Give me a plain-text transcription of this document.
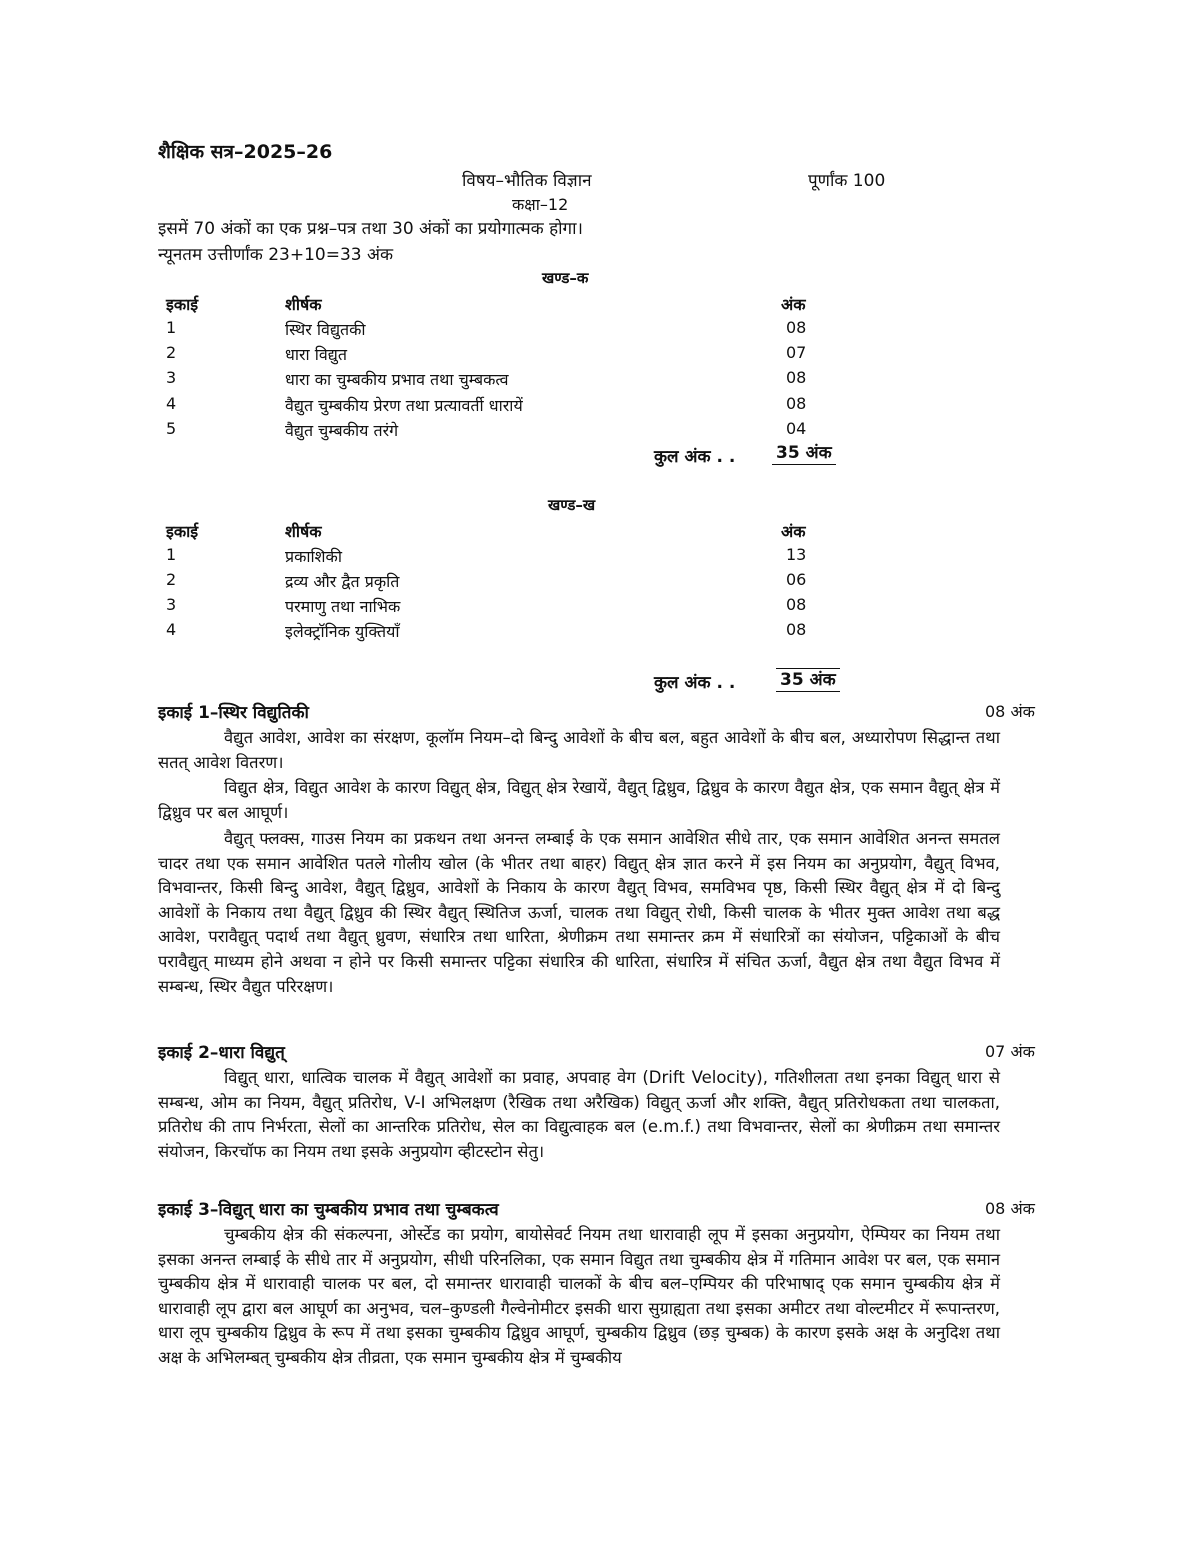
शैक्षिक सत्र–2025–26
विषय–भौतिक विज्ञान	पूर्णांक 100
कक्षा–12
इसमें 70 अंकों का एक प्रश्न–पत्र तथा 30 अंकों का प्रयोगात्मक होगा।
न्यूनतम उत्तीर्णांक 23+10=33 अंक
खण्ड–क
इकाई	शीर्षक	अंक
1	स्थिर विद्युतकी	08
2	धारा विद्युत	07
3	धारा का चुम्बकीय प्रभाव तथा चुम्बकत्व	08
4	वैद्युत चुम्बकीय प्रेरण तथा प्रत्यावर्ती धारायें	08
5	वैद्युत चुम्बकीय तरंगे	04
कुल अंक . . 35 अंक
खण्ड–ख
इकाई	शीर्षक	अंक
1	प्रकाशिकी	13
2	द्रव्य और द्वैत प्रकृति	06
3	परमाणु तथा नाभिक	08
4	इलेक्ट्रॉनिक युक्तियाँ	08
कुल अंक . .	35 अंक
इकाई 1–स्थिर विद्युतिकी	08 अंक

वैद्युत आवेश, आवेश का संरक्षण, कूलॉम नियम–दो बिन्दु आवेशों के बीच बल, बहुत आवेशों के बीच बल, अध्यारोपण सिद्धान्त तथा सतत् आवेश वितरण।

विद्युत क्षेत्र, विद्युत आवेश के कारण विद्युत् क्षेत्र, विद्युत् क्षेत्र रेखायें, वैद्युत् द्विध्रुव, द्विध्रुव के कारण वैद्युत क्षेत्र, एक समान वैद्युत् क्षेत्र में द्विध्रुव पर बल आघूर्ण।

वैद्युत् फ्लक्स, गाउस नियम का प्रकथन तथा अनन्त लम्बाई के एक समान आवेशित सीधे तार, एक समान आवेशित अनन्त समतल चादर तथा एक समान आवेशित पतले गोलीय खोल (के भीतर तथा बाहर) विद्युत् क्षेत्र ज्ञात करने में इस नियम का अनुप्रयोग, वैद्युत् विभव, विभवान्तर, किसी बिन्दु आवेश, वैद्युत् द्विध्रुव, आवेशों के निकाय के कारण वैद्युत् विभव, समविभव पृष्ठ, किसी स्थिर वैद्युत् क्षेत्र में दो बिन्दु आवेशों के निकाय तथा वैद्युत् द्विध्रुव की स्थिर वैद्युत् स्थितिज ऊर्जा, चालक तथा विद्युत् रोधी, किसी चालक के भीतर मुक्त आवेश तथा बद्ध आवेश, परावैद्युत् पदार्थ तथा वैद्युत् ध्रुवण, संधारित्र तथा धारिता, श्रेणीक्रम तथा समान्तर क्रम में संधारित्रों का संयोजन, पट्टिकाओं के बीच परावैद्युत् माध्यम होने अथवा न होने पर किसी समान्तर पट्टिका संधारित्र की धारिता, संधारित्र में संचित ऊर्जा, वैद्युत क्षेत्र तथा वैद्युत विभव में सम्बन्ध, स्थिर वैद्युत परिरक्षण।

इकाई 2–धारा विद्युत्	07 अंक

विद्युत् धारा, धात्विक चालक में वैद्युत् आवेशों का प्रवाह, अपवाह वेग (Drift Velocity), गतिशीलता तथा इनका विद्युत् धारा से सम्बन्ध, ओम का नियम, वैद्युत् प्रतिरोध, V-I अभिलक्षण (रैखिक तथा अरैखिक) विद्युत् ऊर्जा और शक्ति, वैद्युत् प्रतिरोधकता तथा चालकता, प्रतिरोध की ताप निर्भरता, सेलों का आन्तरिक प्रतिरोध, सेल का विद्युत्वाहक बल (e.m.f.) तथा विभवान्तर, सेलों का श्रेणीक्रम तथा समान्तर संयोजन, किरचॉफ का नियम तथा इसके अनुप्रयोग व्हीटस्टोन सेतु।

इकाई 3–विद्युत् धारा का चुम्बकीय प्रभाव तथा चुम्बकत्व	08 अंक

चुम्बकीय क्षेत्र की संकल्पना, ओर्स्टेड का प्रयोग, बायोसेवर्ट नियम तथा धारावाही लूप में इसका अनुप्रयोग, ऐम्पियर का नियम तथा इसका अनन्त लम्बाई के सीधे तार में अनुप्रयोग, सीधी परिनलिका, एक समान विद्युत तथा चुम्बकीय क्षेत्र में गतिमान आवेश पर बल, एक समान चुम्बकीय क्षेत्र में धारावाही चालक पर बल, दो समान्तर धारावाही चालकों के बीच बल–एम्पियर की परिभाषाद् एक समान चुम्बकीय क्षेत्र में धारावाही लूप द्वारा बल आघूर्ण का अनुभव, चल–कुण्डली गैल्वेनोमीटर इसकी धारा सुग्राह्यता तथा इसका अमीटर तथा वोल्टमीटर में रूपान्तरण, धारा लूप चुम्बकीय द्विध्रुव के रूप में तथा इसका चुम्बकीय द्विध्रुव आघूर्ण, चुम्बकीय द्विध्रुव (छड़ चुम्बक) के कारण इसके अक्ष के अनुदिश तथा अक्ष के अभिलम्बत् चुम्बकीय क्षेत्र तीव्रता, एक समान चुम्बकीय क्षेत्र में चुम्बकीय
